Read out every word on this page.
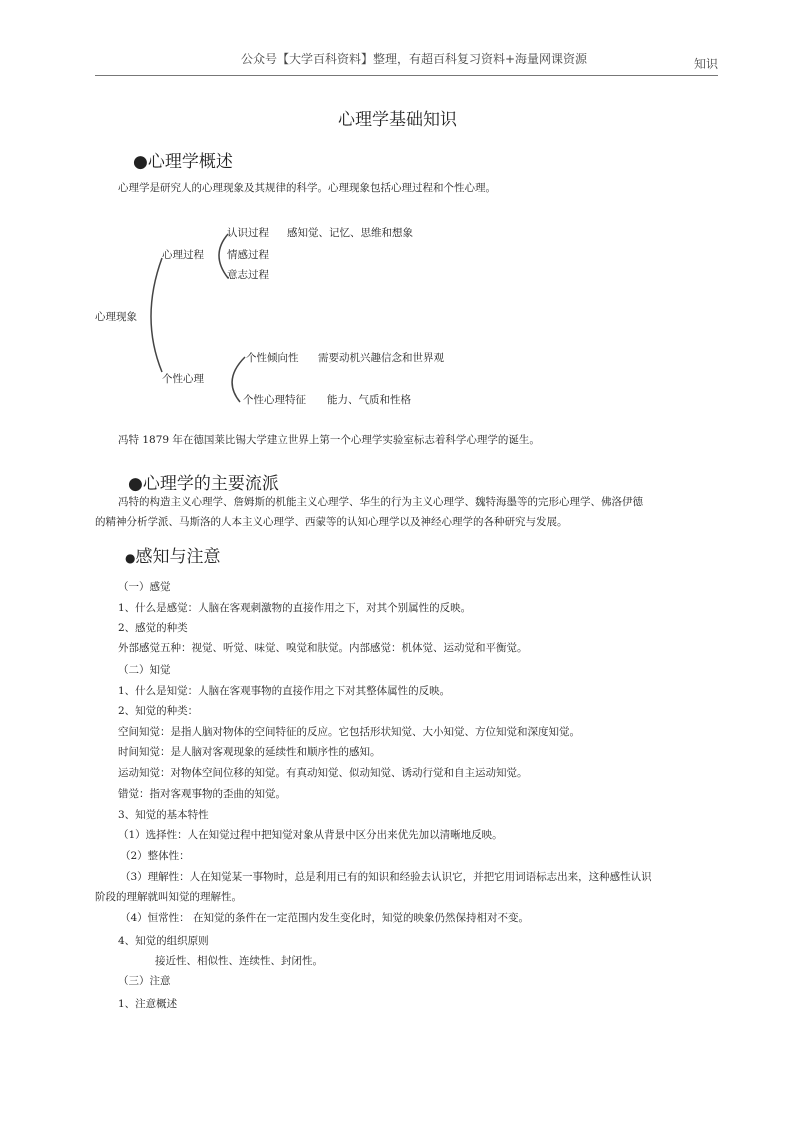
公众号【大学百科资料】整理，有超百科复习资料+海量网课资源	知识
心理学基础知识
●心理学概述
心理学是研究人的心理现象及其规律的科学。心理现象包括心理过程和个性心理。
认识过程 感知觉、记忆、思维和想象
心理过程 情感过程
意志过程
心理现象
个性倾向性 需要动机兴趣信念和世界观
个性心理
个性心理特征 能力、气质和性格
冯特 1879 年在德国莱比锡大学建立世界上第一个心理学实验室标志着科学心理学的诞生。
●心理学的主要流派
冯特的构造主义心理学、詹姆斯的机能主义心理学、华生的行为主义心理学、魏特海墨等的完形心理学、佛洛伊德
的精神分析学派、马斯洛的人本主义心理学、西蒙等的认知心理学以及神经心理学的各种研究与发展。
●感知与注意
（一）感觉
1、什么是感觉：人脑在客观刺激物的直接作用之下，对其个别属性的反映。
2、感觉的种类
外部感觉五种：视觉、听觉、味觉、嗅觉和肤觉。内部感觉：机体觉、运动觉和平衡觉。
（二）知觉
1、什么是知觉：人脑在客观事物的直接作用之下对其整体属性的反映。
2、知觉的种类：
空间知觉：是指人脑对物体的空间特征的反应。它包括形状知觉、大小知觉、方位知觉和深度知觉。
时间知觉：是人脑对客观现象的延续性和顺序性的感知。
运动知觉：对物体空间位移的知觉。有真动知觉、似动知觉、诱动行觉和自主运动知觉。
错觉：指对客观事物的歪曲的知觉。
3、知觉的基本特性
（1）选择性：人在知觉过程中把知觉对象从背景中区分出来优先加以清晰地反映。
（2）整体性：
（3）理解性：人在知觉某一事物时，总是利用已有的知识和经验去认识它，并把它用词语标志出来，这种感性认识
阶段的理解就叫知觉的理解性。
（4）恒常性： 在知觉的条件在一定范围内发生变化时，知觉的映象仍然保持相对不变。
4、知觉的组织原则
接近性、相似性、连续性、封闭性。
（三）注意
1、注意概述
